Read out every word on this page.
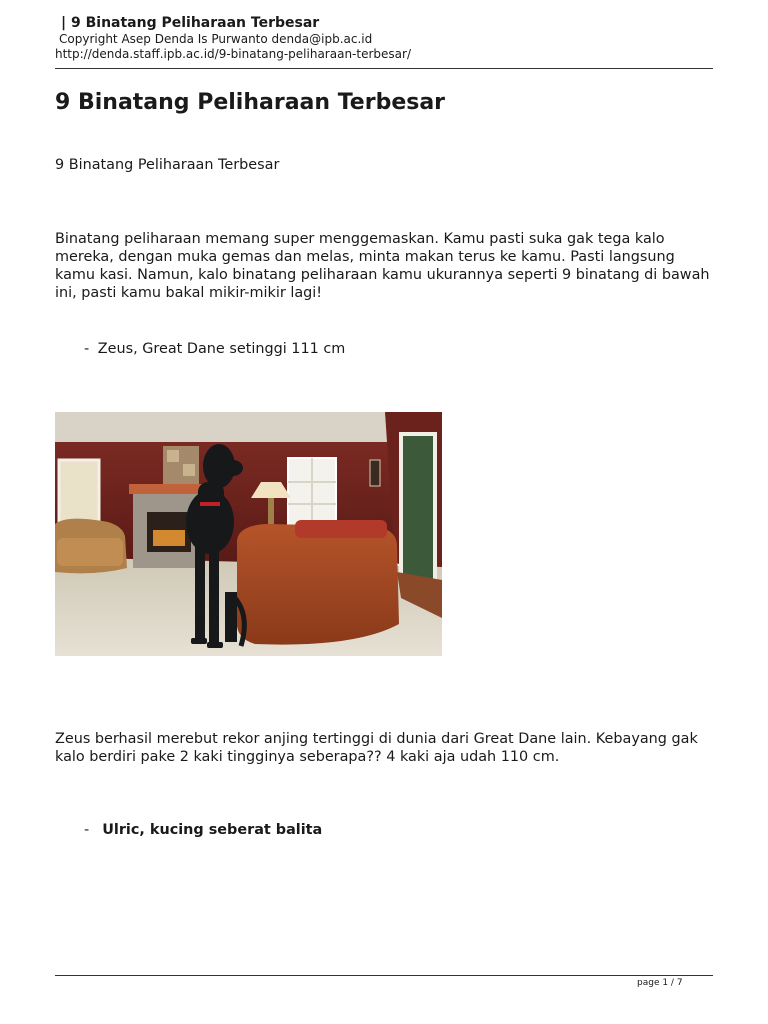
| 9 Binatang Peliharaan Terbesar
Copyright Asep Denda Is Purwanto denda@ipb.ac.id
http://denda.staff.ipb.ac.id/9-binatang-peliharaan-terbesar/
9 Binatang Peliharaan Terbesar

9 Binatang Peliharaan Terbesar

Binatang peliharaan memang super menggemaskan. Kamu pasti suka gak tega kalo mereka, dengan muka gemas dan melas, minta makan terus ke kamu. Pasti langsung kamu kasi. Namun, kalo binatang peliharaan kamu ukurannya seperti 9 binatang di bawah ini, pasti kamu bakal mikir-mikir lagi!

- Zeus, Great Dane setinggi 111 cm

Zeus berhasil merebut rekor anjing tertinggi di dunia dari Great Dane lain. Kebayang gak kalo berdiri pake 2 kaki tingginya seberapa?? 4 kaki aja udah 110 cm.

- Ulric, kucing seberat balita
page 1 / 7
